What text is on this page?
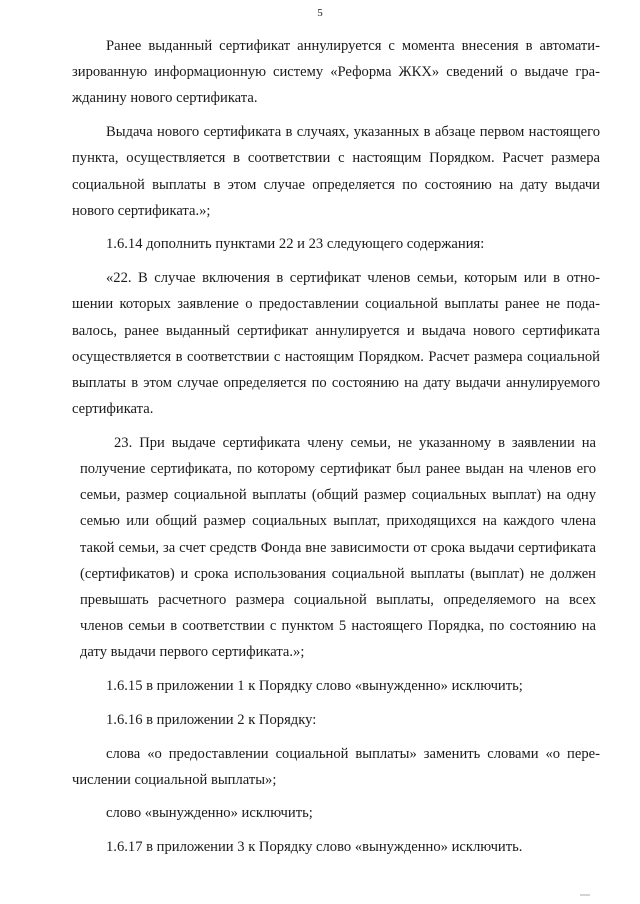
5

Ранее выданный сертификат аннулируется с момента внесения в автоматизированную информационную систему «Реформа ЖКХ» сведений о выдаче гражданину нового сертификата.

Выдача нового сертификата в случаях, указанных в абзаце первом настоящего пункта, осуществляется в соответствии с настоящим Порядком. Расчет размера социальной выплаты в этом случае определяется по состоянию на дату выдачи нового сертификата.»;

1.6.14 дополнить пунктами 22 и 23 следующего содержания:

«22. В случае включения в сертификат членов семьи, которым или в отношении которых заявление о предоставлении социальной выплаты ранее не подавалось, ранее выданный сертификат аннулируется и выдача нового сертификата осуществляется в соответствии с настоящим Порядком. Расчет размера социальной выплаты в этом случае определяется по состоянию на дату выдачи аннулируемого сертификата.

23. При выдаче сертификата члену семьи, не указанному в заявлении на получение сертификата, по которому сертификат был ранее выдан на членов его семьи, размер социальной выплаты (общий размер социальных выплат) на одну семью или общий размер социальных выплат, приходящихся на каждого члена такой семьи, за счет средств Фонда вне зависимости от срока выдачи сертификата (сертификатов) и срока использования социальной выплаты (выплат) не должен превышать расчетного размера социальной выплаты, определяемого на всех членов семьи в соответствии с пунктом 5 настоящего Порядка, по состоянию на дату выдачи первого сертификата.»;

1.6.15 в приложении 1 к Порядку слово «вынужденно» исключить;

1.6.16 в приложении 2 к Порядку:

слова «о предоставлении социальной выплаты» заменить словами «о перечислении социальной выплаты»;

слово «вынужденно» исключить;

1.6.17 в приложении 3 к Порядку слово «вынужденно» исключить.
